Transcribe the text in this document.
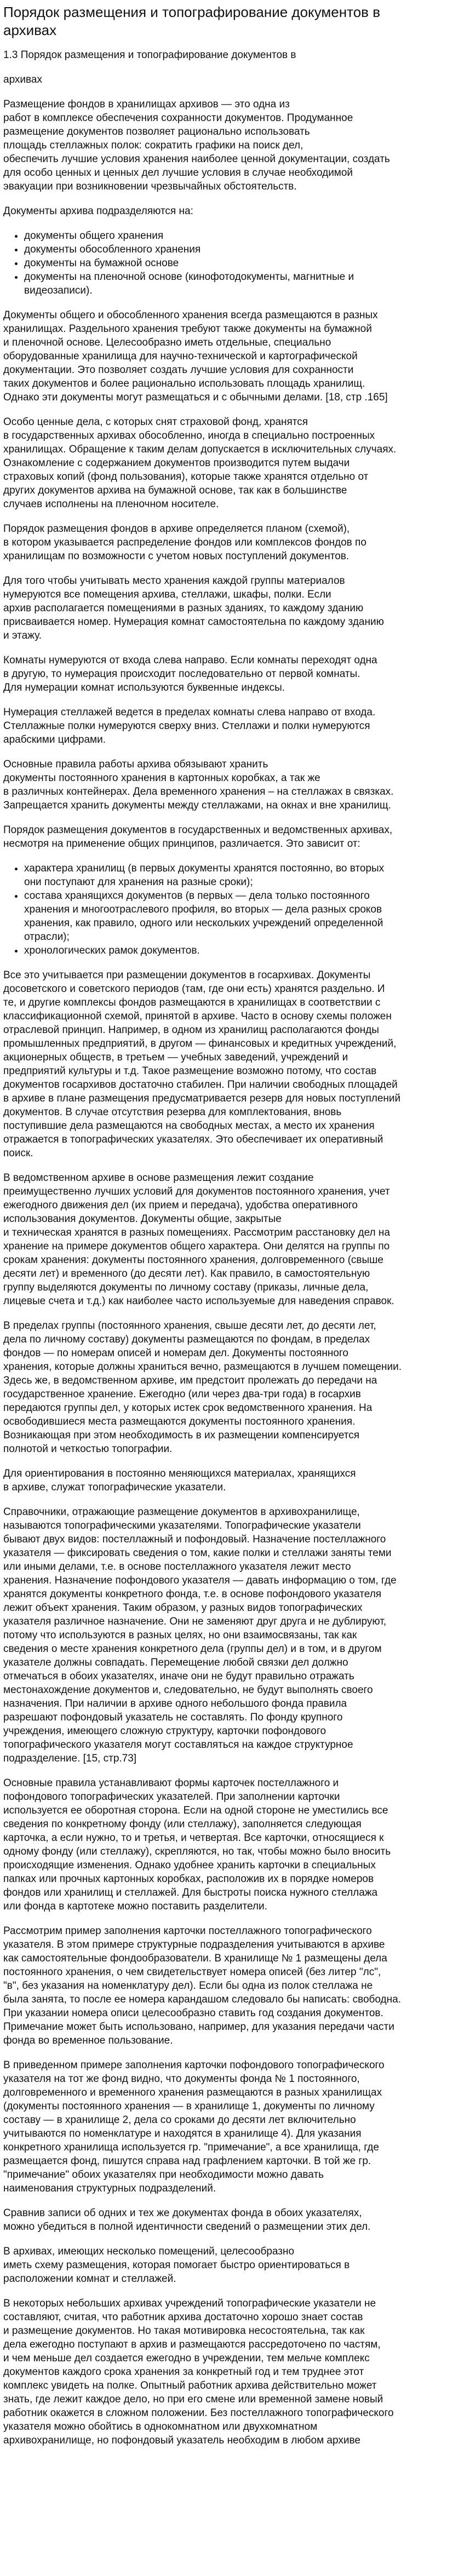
Порядок размещения и топографирование документов в
архивах

1.3 Порядок размещения и топографирование документов в

архивах

Размещение фондов в хранилищах архивов — это одна из
работ в комплексе обеспечения сохранности документов. Продуманное
размещение документов позволяет рационально использовать
площадь стеллажных полок: сократить графики на поиск дел,
обеспечить лучшие условия хранения наиболее ценной документации, создать
для особо ценных и ценных дел лучшие условия в случае необходимой
эвакуации при возникновении чрезвычайных обстоятельств.

Документы архива подразделяются на:

• документы общего хранения
• документы обособленного хранения
• документы на бумажной основе
• документы на пленочной основе (кинофотодокументы, магнитные и
видеозаписи).

Документы общего и обособленного хранения всегда размещаются в разных
хранилищах. Раздельного хранения требуют также документы на бумажной
и пленочной основе. Целесообразно иметь отдельные, специально
оборудованные хранилища для научно-технической и картографической
документации. Это позволяет создать лучшие условия для сохранности
таких документов и более рационально использовать площадь хранилищ.
Однако эти документы могут размещаться и с обычными делами. [18, стр .165]

Особо ценные дела, с которых снят страховой фонд, хранятся
в государственных архивах обособленно, иногда в специально построенных
хранилищах. Обращение к таким делам допускается в исключительных случаях.
Ознакомление с содержанием документов производится путем выдачи
страховых копий (фонд пользования), которые также хранятся отдельно от
других документов архива на бумажной основе, так как в большинстве
случаев исполнены на пленочном носителе.

Порядок размещения фондов в архиве определяется планом (схемой),
в котором указывается распределение фондов или комплексов фондов по
хранилищам по возможности с учетом новых поступлений документов.

Для того чтобы учитывать место хранения каждой группы материалов
нумеруются все помещения архива, стеллажи, шкафы, полки. Если
архив располагается помещениями в разных зданиях, то каждому зданию
присваивается номер. Нумерация комнат самостоятельна по каждому зданию
и этажу.

Комнаты нумеруются от входа слева направо. Если комнаты переходят одна
в другую, то нумерация происходит последовательно от первой комнаты.
Для нумерации комнат используются буквенные индексы.

Нумерация стеллажей ведется в пределах комнаты слева направо от входа.
Стеллажные полки нумеруются сверху вниз. Стеллажи и полки нумеруются
арабскими цифрами.

Основные правила работы архива обязывают хранить
документы постоянного хранения в картонных коробках, а так же
в различных контейнерах. Дела временного хранения – на стеллажах в связках.
Запрещается хранить документы между стеллажами, на окнах и вне хранилищ.

Порядок размещения документов в государственных и ведомственных архивах,
несмотря на применение общих принципов, различается. Это зависит от:

• характера хранилищ (в первых документы хранятся постоянно, во вторых
они поступают для хранения на разные сроки);
• состава хранящихся документов (в первых — дела только постоянного
хранения и многоотраслевого профиля, во вторых — дела разных сроков
хранения, как правило, одного или нескольких учреждений определенной
отрасли);
• хронологических рамок документов.

Все это учитывается при размещении документов в госархивах. Документы
досоветского и советского периодов (там, где они есть) хранятся раздельно. И
те, и другие комплексы фондов размещаются в хранилищах в соответствии с
классификационной схемой, принятой в архиве. Часто в основу схемы положен
отраслевой принцип. Например, в одном из хранилищ располагаются фонды
промышленных предприятий, в другом — финансовых и кредитных учреждений,
акционерных обществ, в третьем — учебных заведений, учреждений и
предприятий культуры и т.д. Такое размещение возможно потому, что состав
документов госархивов достаточно стабилен. При наличии свободных площадей
в архиве в плане размещения предусматривается резерв для новых поступлений
документов. В случае отсутствия резерва для комплектования, вновь
поступившие дела размещаются на свободных местах, а место их хранения
отражается в топографических указателях. Это обеспечивает их оперативный
поиск.

В ведомственном архиве в основе размещения лежит создание
преимущественно лучших условий для документов постоянного хранения, учет
ежегодного движения дел (их прием и передача), удобства оперативного
использования документов. Документы общие, закрытые
и техническая хранятся в разных помещениях. Рассмотрим расстановку дел на
хранение на примере документов общего характера. Они делятся на группы по
срокам хранения: документы постоянного хранения, долговременного (свыше
десяти лет) и временного (до десяти лет). Как правило, в самостоятельную
группу выделяются документы по личному составу (приказы, личные дела,
лицевые счета и т.д.) как наиболее часто используемые для наведения справок.

В пределах группы (постоянного хранения, свыше десяти лет, до десяти лет,
дела по личному составу) документы размещаются по фондам, в пределах
фондов — по номерам описей и номерам дел. Документы постоянного
хранения, которые должны храниться вечно, размещаются в лучшем помещении.
Здесь же, в ведомственном архиве, им предстоит пролежать до передачи на
государственное хранение. Ежегодно (или через два-три года) в госархив
передаются группы дел, у которых истек срок ведомственного хранения. На
освободившиеся места размещаются документы постоянного хранения.
Возникающая при этом необходимость в их размещении компенсируется
полнотой и четкостью топографии.

Для ориентирования в постоянно меняющихся материалах, хранящихся
в архиве, служат топографические указатели.

Справочники, отражающие размещение документов в архивохранилище,
называются топографическими указателями. Топографические указатели
бывают двух видов: постеллажный и пофондовый. Назначение постеллажного
указателя — фиксировать сведения о том, какие полки и стеллажи заняты теми
или иными делами, т.е. в основе постеллажного указателя лежит место
хранения. Назначение пофондового указателя — давать информацию о том, где
хранятся документы конкретного фонда, т.е. в основе пофондового указателя
лежит объект хранения. Таким образом, у разных видов топографических
указателя различное назначение. Они не заменяют друг друга и не дублируют,
потому что используются в разных целях, но они взаимосвязаны, так как
сведения о месте хранения конкретного дела (группы дел) и в том, и в другом
указателе должны совпадать. Перемещение любой связки дел должно
отмечаться в обоих указателях, иначе они не будут правильно отражать
местонахождение документов и, следовательно, не будут выполнять своего
назначения. При наличии в архиве одного небольшого фонда правила
разрешают пофондовый указатель не составлять. По фонду крупного
учреждения, имеющего сложную структуру, карточки пофондового
топографического указателя могут составляться на каждое структурное
подразделение. [15, стр.73]

Основные правила устанавливают формы карточек постеллажного и
пофондового топографических указателей. При заполнении карточки
используется ее оборотная сторона. Если на одной стороне не уместились все
сведения по конкретному фонду (или стеллажу), заполняется следующая
карточка, а если нужно, то и третья, и четвертая. Все карточки, относящиеся к
одному фонду (или стеллажу), скрепляются, но так, чтобы можно было вносить
происходящие изменения. Однако удобнее хранить карточки в специальных
папках или прочных картонных коробках, расположив их в порядке номеров
фондов или хранилищ и стеллажей. Для быстроты поиска нужного стеллажа
или фонда в картотеке можно поставить разделители.

Рассмотрим пример заполнения карточки постеллажного топографического
указателя. В этом примере структурные подразделения учитываются в архиве
как самостоятельные фондообразователи. В хранилище № 1 размещены дела
постоянного хранения, о чем свидетельствует номера описей (без литер "лс",
"в", без указания на номенклатуру дел). Если бы одна из полок стеллажа не
была занята, то после ее номера карандашом следовало бы написать: свободна.
При указании номера описи целесообразно ставить год создания документов.
Примечание может быть использовано, например, для указания передачи части
фонда во временное пользование.

В приведенном примере заполнения карточки пофондового топографического
указателя на тот же фонд видно, что документы фонда № 1 постоянного,
долговременного и временного хранения размещаются в разных хранилищах
(документы постоянного хранения — в хранилище 1, документы по личному
составу — в хранилище 2, дела со сроками до десяти лет включительно
учитываются по номенклатуре и находятся в хранилище 4). Для указания
конкретного хранилища используется гр. "примечание", а все хранилища, где
размещается фонд, пишутся справа над графлением карточки. В той же гр.
"примечание" обоих указателях при необходимости можно давать
наименования структурных подразделений.

Сравнив записи об одних и тех же документах фонда в обоих указателях,
можно убедиться в полной идентичности сведений о размещении этих дел.

В архивах, имеющих несколько помещений, целесообразно
иметь схему размещения, которая помогает быстро ориентироваться в
расположении комнат и стеллажей.

В некоторых небольших архивах учреждений топографические указатели не
составляют, считая, что работник архива достаточно хорошо знает состав
и размещение документов. Но такая мотивировка несостоятельна, так как
дела ежегодно поступают в архив и размещаются рассредоточено по частям,
и чем меньше дел создается ежегодно в учреждении, тем мельче комплекс
документов каждого срока хранения за конкретный год и тем труднее этот
комплекс увидеть на полке. Опытный работник архива действительно может
знать, где лежит каждое дело, но при его смене или временной замене новый
работник окажется в сложном положении. Без постеллажного топографического
указателя можно обойтись в однокомнатном или двухкомнатном
архивохранилище, но пофондовый указатель необходим в любом архиве
